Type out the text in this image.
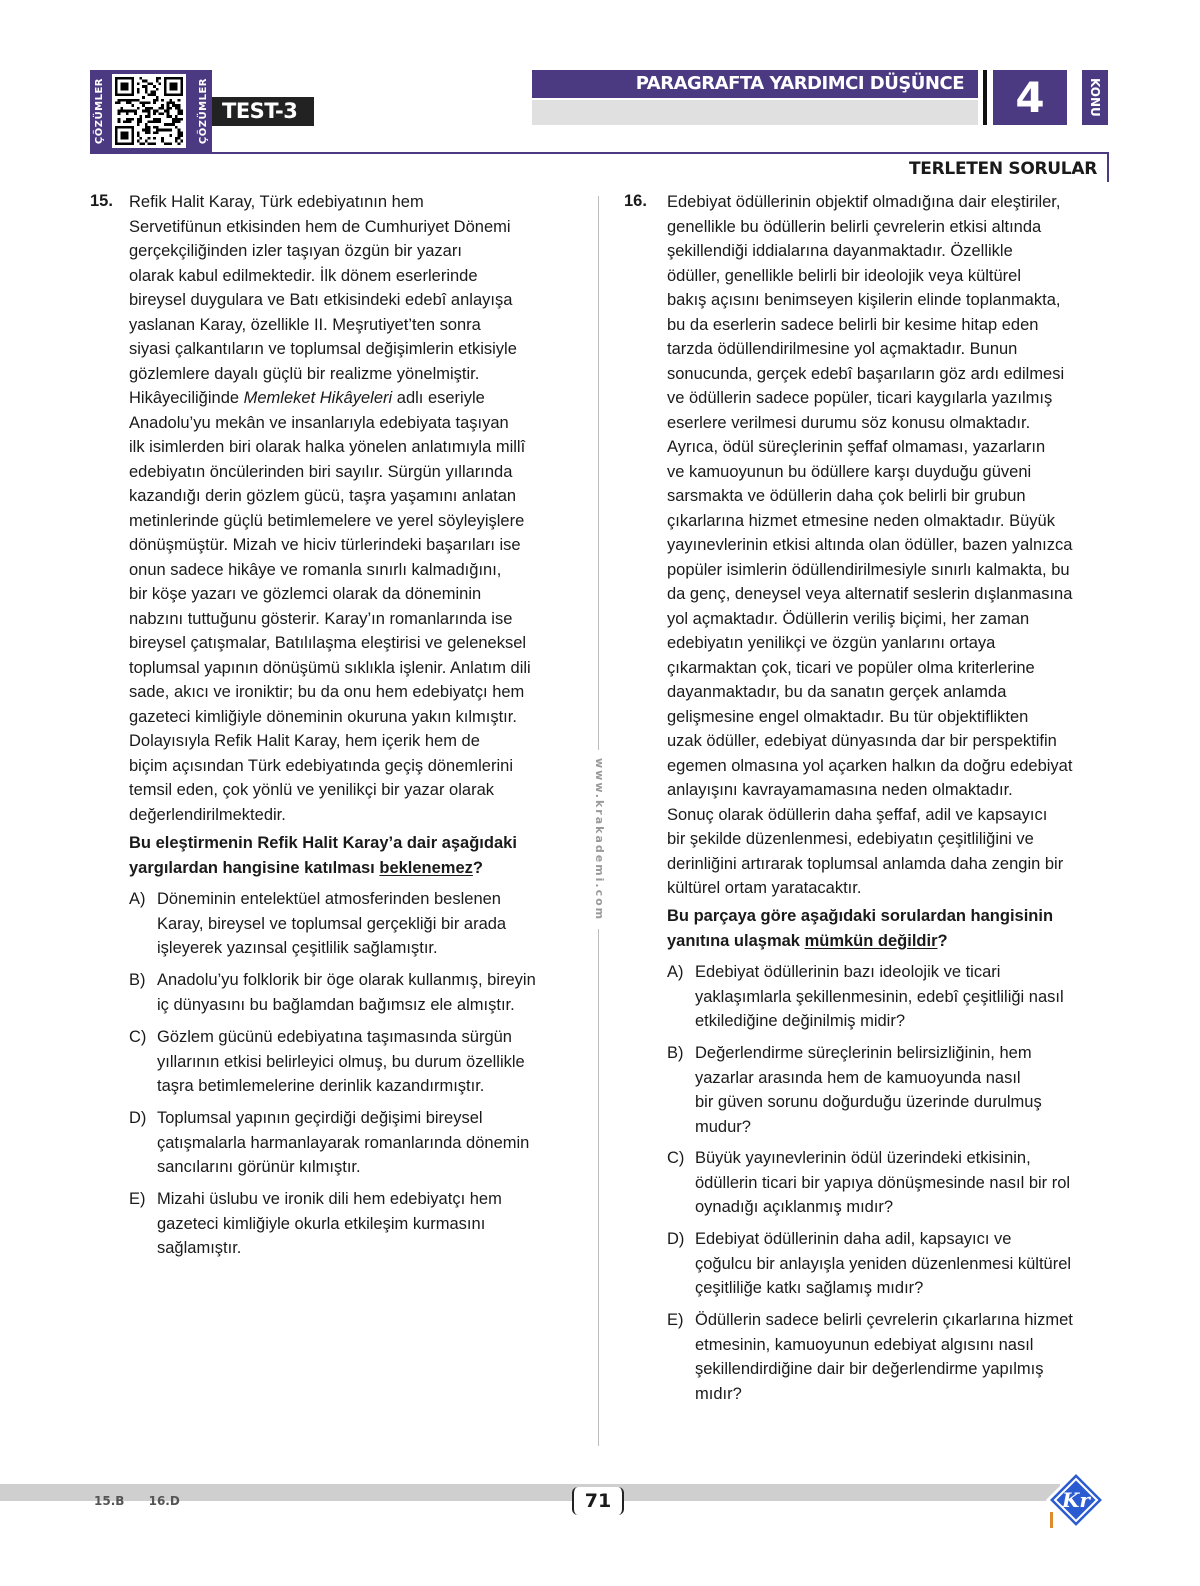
ÇÖZÜMLER	ÇÖZÜMLER TEST-3
PARAGRAFTA YARDIMCI DÜŞÜNCE	4	KONU
TERLETEN SORULAR
www.krakademi.com
15. Refik Halit Karay, Türk edebiyatının hem
Servetifünun etkisinden hem de Cumhuriyet Dönemi
gerçekçiliğinden izler taşıyan özgün bir yazarı
olarak kabul edilmektedir. İlk dönem eserlerinde
bireysel duygulara ve Batı etkisindeki edebî anlayışa
yaslanan Karay, özellikle II. Meşrutiyet’ten sonra
siyasi çalkantıların ve toplumsal değişimlerin etkisiyle
gözlemlere dayalı güçlü bir realizme yönelmiştir.
Hikâyeciliğinde Memleket Hikâyeleri adlı eseriyle
Anadolu’yu mekân ve insanlarıyla edebiyata taşıyan
ilk isimlerden biri olarak halka yönelen anlatımıyla millî
edebiyatın öncülerinden biri sayılır. Sürgün yıllarında
kazandığı derin gözlem gücü, taşra yaşamını anlatan
metinlerinde güçlü betimlemelere ve yerel söyleyişlere
dönüşmüştür. Mizah ve hiciv türlerindeki başarıları ise
onun sadece hikâye ve romanla sınırlı kalmadığını,
bir köşe yazarı ve gözlemci olarak da döneminin
nabzını tuttuğunu gösterir. Karay’ın romanlarında ise
bireysel çatışmalar, Batılılaşma eleştirisi ve geleneksel
toplumsal yapının dönüşümü sıklıkla işlenir. Anlatım dili
sade, akıcı ve ironiktir; bu da onu hem edebiyatçı hem
gazeteci kimliğiyle döneminin okuruna yakın kılmıştır.
Dolayısıyla Refik Halit Karay, hem içerik hem de
biçim açısından Türk edebiyatında geçiş dönemlerini
temsil eden, çok yönlü ve yenilikçi bir yazar olarak
değerlendirilmektedir.
Bu eleştirmenin Refik Halit Karay’a dair aşağıdaki
yargılardan hangisine katılması beklenemez?
A) Döneminin entelektüel atmosferinden beslenen
Karay, bireysel ve toplumsal gerçekliği bir arada
işleyerek yazınsal çeşitlilik sağlamıştır.
B) Anadolu’yu folklorik bir öge olarak kullanmış, bireyin
iç dünyasını bu bağlamdan bağımsız ele almıştır.
C) Gözlem gücünü edebiyatına taşımasında sürgün
yıllarının etkisi belirleyici olmuş, bu durum özellikle
taşra betimlemelerine derinlik kazandırmıştır.
D) Toplumsal yapının geçirdiği değişimi bireysel
çatışmalarla harmanlayarak romanlarında dönemin
sancılarını görünür kılmıştır.
E) Mizahi üslubu ve ironik dili hem edebiyatçı hem
gazeteci kimliğiyle okurla etkileşim kurmasını
sağlamıştır.
16. Edebiyat ödüllerinin objektif olmadığına dair eleştiriler,
genellikle bu ödüllerin belirli çevrelerin etkisi altında
şekillendiği iddialarına dayanmaktadır. Özellikle
ödüller, genellikle belirli bir ideolojik veya kültürel
bakış açısını benimseyen kişilerin elinde toplanmakta,
bu da eserlerin sadece belirli bir kesime hitap eden
tarzda ödüllendirilmesine yol açmaktadır. Bunun
sonucunda, gerçek edebî başarıların göz ardı edilmesi
ve ödüllerin sadece popüler, ticari kaygılarla yazılmış
eserlere verilmesi durumu söz konusu olmaktadır.
Ayrıca, ödül süreçlerinin şeffaf olmaması, yazarların
ve kamuoyunun bu ödüllere karşı duyduğu güveni
sarsmakta ve ödüllerin daha çok belirli bir grubun
çıkarlarına hizmet etmesine neden olmaktadır. Büyük
yayınevlerinin etkisi altında olan ödüller, bazen yalnızca
popüler isimlerin ödüllendirilmesiyle sınırlı kalmakta, bu
da genç, deneysel veya alternatif seslerin dışlanmasına
yol açmaktadır. Ödüllerin veriliş biçimi, her zaman
edebiyatın yenilikçi ve özgün yanlarını ortaya
çıkarmaktan çok, ticari ve popüler olma kriterlerine
dayanmaktadır, bu da sanatın gerçek anlamda
gelişmesine engel olmaktadır. Bu tür objektiflikten
uzak ödüller, edebiyat dünyasında dar bir perspektifin
egemen olmasına yol açarken halkın da doğru edebiyat
anlayışını kavrayamamasına neden olmaktadır.
Sonuç olarak ödüllerin daha şeffaf, adil ve kapsayıcı
bir şekilde düzenlenmesi, edebiyatın çeşitliliğini ve
derinliğini artırarak toplumsal anlamda daha zengin bir
kültürel ortam yaratacaktır.
Bu parçaya göre aşağıdaki sorulardan hangisinin
yanıtına ulaşmak mümkün değildir?
A) Edebiyat ödüllerinin bazı ideolojik ve ticari
yaklaşımlarla şekillenmesinin, edebî çeşitliliği nasıl
etkilediğine değinilmiş midir?
B) Değerlendirme süreçlerinin belirsizliğinin, hem
yazarlar arasında hem de kamuoyunda nasıl
bir güven sorunu doğurduğu üzerinde durulmuş
mudur?
C) Büyük yayınevlerinin ödül üzerindeki etkisinin,
ödüllerin ticari bir yapıya dönüşmesinde nasıl bir rol
oynadığı açıklanmış mıdır?
D) Edebiyat ödüllerinin daha adil, kapsayıcı ve
çoğulcu bir anlayışla yeniden düzenlenmesi kültürel
çeşitliliğe katkı sağlamış mıdır?
E) Ödüllerin sadece belirli çevrelerin çıkarlarına hizmet
etmesinin, kamuoyunun edebiyat algısını nasıl
şekillendirdiğine dair bir değerlendirme yapılmış
mıdır?
15.B 16.D	71	Kr
